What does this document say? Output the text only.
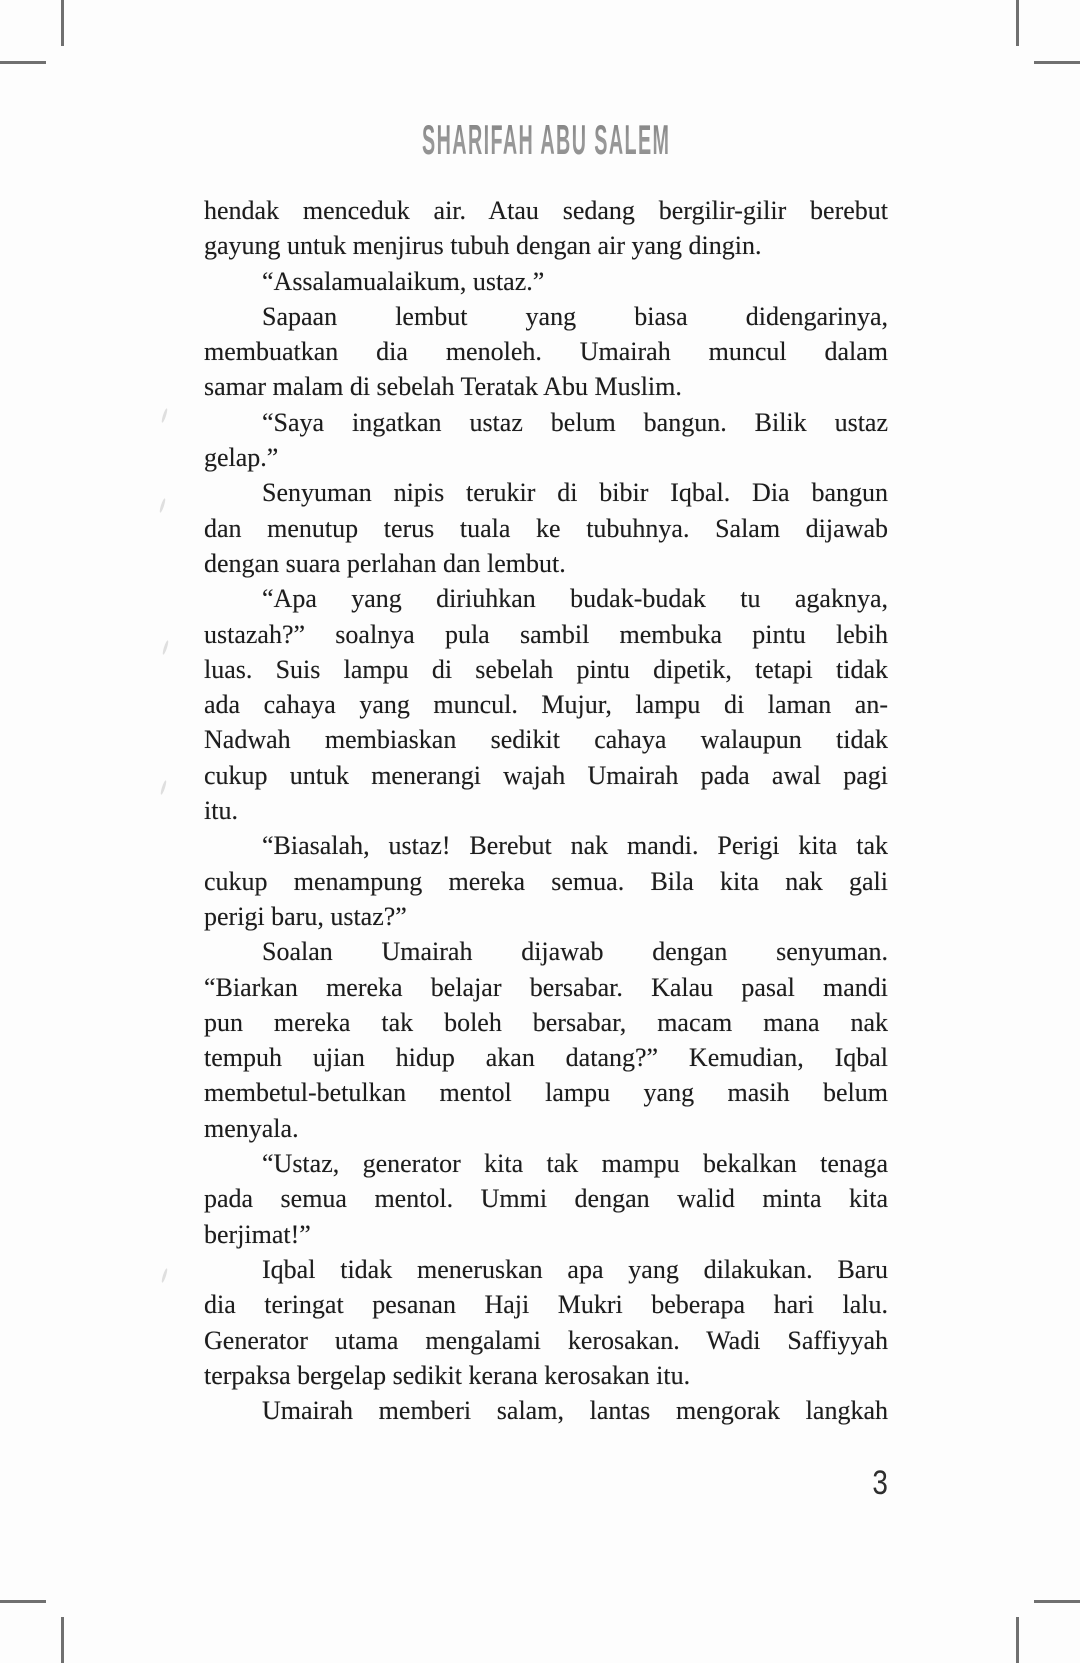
SHARIFAH ABU SALEM
hendak menceduk air. Atau sedang bergilir-gilir berebut
gayung untuk menjirus tubuh dengan air yang dingin.
“Assalamualaikum, ustaz.”
Sapaan lembut yang biasa didengarinya,
membuatkan dia menoleh. Umairah muncul dalam
samar malam di sebelah Teratak Abu Muslim.
“Saya ingatkan ustaz belum bangun. Bilik ustaz
gelap.”
Senyuman nipis terukir di bibir Iqbal. Dia bangun
dan menutup terus tuala ke tubuhnya. Salam dijawab
dengan suara perlahan dan lembut.
“Apa yang diriuhkan budak-budak tu agaknya,
ustazah?” soalnya pula sambil membuka pintu lebih
luas. Suis lampu di sebelah pintu dipetik, tetapi tidak
ada cahaya yang muncul. Mujur, lampu di laman an-
Nadwah membiaskan sedikit cahaya walaupun tidak
cukup untuk menerangi wajah Umairah pada awal pagi
itu.
“Biasalah, ustaz! Berebut nak mandi. Perigi kita tak
cukup menampung mereka semua. Bila kita nak gali
perigi baru, ustaz?”
Soalan Umairah dijawab dengan senyuman.
“Biarkan mereka belajar bersabar. Kalau pasal mandi
pun mereka tak boleh bersabar, macam mana nak
tempuh ujian hidup akan datang?” Kemudian, Iqbal
membetul-betulkan mentol lampu yang masih belum
menyala.
“Ustaz, generator kita tak mampu bekalkan tenaga
pada semua mentol. Ummi dengan walid minta kita
berjimat!”
Iqbal tidak meneruskan apa yang dilakukan. Baru
dia teringat pesanan Haji Mukri beberapa hari lalu.
Generator utama mengalami kerosakan. Wadi Saffiyyah
terpaksa bergelap sedikit kerana kerosakan itu.
Umairah memberi salam, lantas mengorak langkah
3
